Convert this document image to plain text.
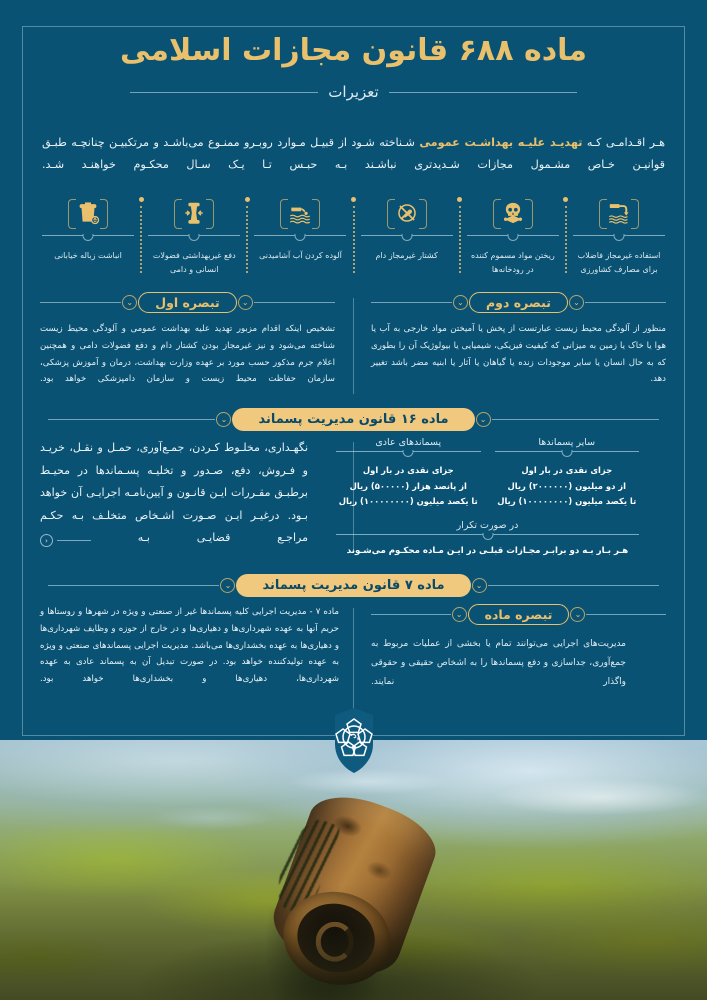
ماده ۶۸۸ قانون مجازات اسلامی
تعزیرات
هـر اقـدامـی کـه تهدیـد علیـه بهداشـت عمومی شـناخته شـود از قبیـل مـوارد روبـرو ممنـوع می‌باشـد و مرتکبیـن چنانچـه طبـق قوانیـن خـاص مشـمول مجازات شـدیدتری نباشـند بـه حبـس تـا یـک سـال محکـوم خواهنـد شـد.
انباشت زباله خیابانی	دفع غیربهداشتی فضولات انسانی و دامی
آلوده کردن آب آشامیدنی	کشتار غیرمجاز دام	ریختن مواد مسموم کننده در رودخانه‌ها
استفاده غیرمجاز فاضلاب برای مصارف کشاورزی
⌄
تبصره اول
⌄
تشخیص اینکه اقدام مزبور تهدید علیه بهداشت عمومی و آلودگی محیط زیست شناخته می‌شود و نیز غیرمجاز بودن کشتار دام و دفع فضولات دامی و همچنین اعلام جرم مذکور حسب مورد بر عهده وزارت بهداشت، درمان و آموزش پزشکی، سازمان حفاظت محیط زیست و سازمان دامپزشکی خواهد بود.
⌄
تبصره دوم
⌄
منظور از آلودگی محیط زیست عبارتست از پخش یا آمیختن مواد خارجی به آب یا هوا یا خاک یا زمین به میزانی که کیفیت فیزیکی، شیمیایی یا بیولوژیک آن را بطوری که به حال انسان یا سایر موجودات زنده یا گیاهان یا آثار یا ابنیه مضر باشد تغییر دهد.
⌄
ماده ۱۶ قانون مدیریت پسماند
⌄
نگهـداری، مخلـوط کـردن، جمـع‌آوری، حمـل و نقـل، خریـد و فـروش، دفع، صـدور و تخلیـه پسـماندها در محیـط برطبـق مقـررات ایـن قانـون و آیین‌نامـه اجرایـی آن خواهد بـود. درغیـر ایـن صـورت اشـخاص متخلـف بـه حکـم مراجـع قضایـی بـه
‹
پسماندهای عادی
جزای نقدی در بار اول
از پانصد هزار (۵۰۰۰۰۰) ریال
تا یکصد میلیون (۱۰۰۰۰۰۰۰۰) ریال
سایر پسماندها
جزای نقدی در بار اول
از دو میلیون (۲۰۰۰۰۰۰) ریال
تا یکصد میلیون (۱۰۰۰۰۰۰۰۰) ریال
در صورت تکرار
هـر بـار بـه دو برابـر مجـازات قبلـی در ایـن مـاده محکـوم می‌شـوند
⌄
ماده ۷ قانون مدیریت پسماند
⌄
ماده ۷ - مدیریت اجرایی کلیه پسماندها غیر از صنعتی و ویژه در شهرها و روستاها و حریم آنها به عهده شهرداری‌ها و دهیاری‌ها و در خارج از حوزه و وظایف شهرداری‌ها و دهیاری‌ها به عهده بخشداری‌ها می‌باشد. مدیریت اجرایی پسماندهای صنعتی و ویژه به عهده تولیدکننده خواهد بود. در صورت تبدیل آن به پسماند عادی به عهده شهرداری‌ها، دهیاری‌ها و بخشداری‌ها خواهد بود.
⌄
تبصره ماده
⌄
مدیریت‌های اجرایی می‌توانند تمام یا بخشی از عملیات مربوط به جمع‌آوری، جداسازی و دفع پسماندها را به اشخاص حقیقی و حقوقی واگذار نمایند.
